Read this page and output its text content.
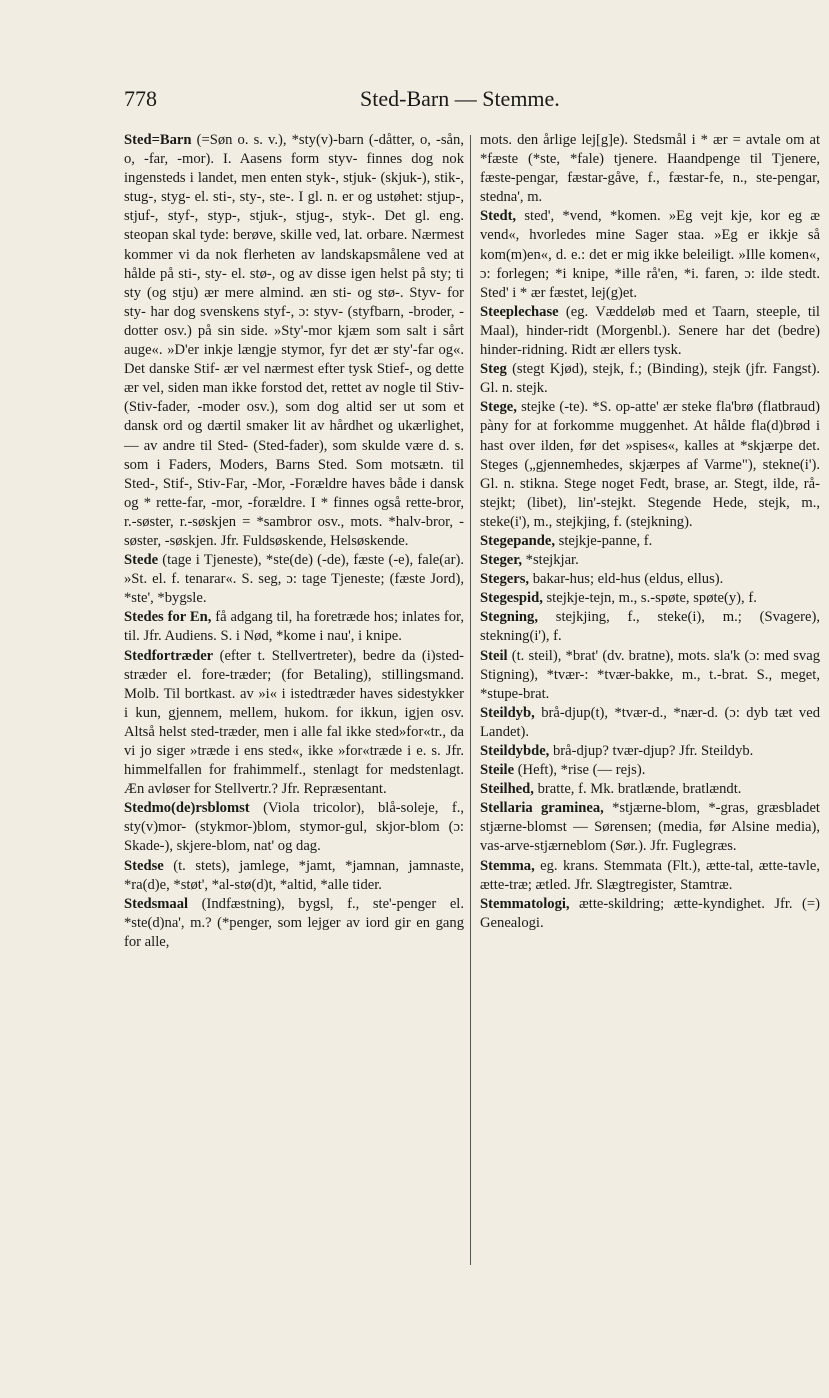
778	Sted-Barn — Stemme.

Sted=Barn (=Søn o. s. v.), *sty(v)-barn (-dåtter, o, -sån, o, -far, -mor). I. Aasens form styv- finnes dog nok ingensteds i landet, men enten styk-, stjuk- (skjuk-), stik-, stug-, styg- el. sti-, sty-, ste-. I gl. n. er og ustøhet: stjup-, stjuf-, styf-, styp-, stjuk-, stjug-, styk-. Det gl. eng. steopan skal tyde: berøve, skille ved, lat. orbare. Nærmest kommer vi da nok flerheten av landskapsmålene ved at hålde på sti-, sty- el. stø-, og av disse igen helst på sty; ti sty (og stju) ær mere almind. æn sti- og stø-. Styv- for sty- har dog svenskens styf-, ɔ: styv- (styfbarn, -broder, -dotter osv.) på sin side. »Sty'-mor kjæm som salt i sårt auge«. »D'er inkje længje stymor, fyr det ær sty'-far og«. Det danske Stif- ær vel nærmest efter tysk Stief-, og dette ær vel, siden man ikke forstod det, rettet av nogle til Stiv- (Stiv-fader, -moder osv.), som dog altid ser ut som et dansk ord og dærtil smaker lit av hårdhet og ukærlighet, — av andre til Sted- (Sted-fader), som skulde være d. s. som i Faders, Moders, Barns Sted. Som motsætn. til Sted-, Stif-, Stiv-Far, -Mor, -Forældre haves både i dansk og * rette-far, -mor, -forældre. I * finnes også rette-bror, r.-søster, r.-søskjen = *sambror osv., mots. *halv-bror, -søster, -søskjen. Jfr. Fuldsøskende, Helsøskende.

Stede (tage i Tjeneste), *ste(de) (-de), fæste (-e), fale(ar). »St. el. f. tenarar«. S. seg, ɔ: tage Tjeneste; (fæste Jord), *ste', *bygsle.

Stedes for En, få adgang til, ha foretræde hos; inlates for, til. Jfr. Audiens. S. i Nød, *kome i nau', i knipe.

Stedfortræder (efter t. Stellvertreter), bedre da (i)sted-stræder el. fore-træder; (for Betaling), stillingsmand. Molb. Til bortkast. av »i« i istedtræder haves sidestykker i kun, gjennem, mellem, hukom. for ikkun, igjen osv. Altså helst sted-træder, men i alle fal ikke sted»for«tr., da vi jo siger »træde i ens sted«, ikke »for«træde i e. s. Jfr. himmelfallen for frahimmelf., stenlagt for medstenlagt. Æn avløser for Stellvertr.? Jfr. Repræsentant.

Stedmo(de)rsblomst (Viola tricolor), blå-soleje, f., sty(v)mor- (stykmor-)blom, stymor-gul, skjor-blom (ɔ: Skade-), skjere-blom, nat' og dag.

Stedse (t. stets), jamlege, *jamt, *jamnan, jamnaste, *ra(d)e, *støt', *al-stø(d)t, *altid, *alle tider.

Stedsmaal (Indfæstning), bygsl, f., ste'-penger el. *ste(d)na', m.? (*penger, som lejger av iord gir en gang for alle,

mots. den årlige lej[g]e). Stedsmål i * ær = avtale om at *fæste (*ste, *fale) tjenere. Haandpenge til Tjenere, fæste-pengar, fæstar-gåve, f., fæstar-fe, n., ste-pengar, stedna', m.

Stedt, sted', *vend, *komen. »Eg vejt kje, kor eg æ vend«, hvorledes mine Sager staa. »Eg er ikkje så kom(m)en«, d. e.: det er mig ikke beleiligt. »Ille komen«, ɔ: forlegen; *i knipe, *ille rå'en, *i. faren, ɔ: ilde stedt. Sted' i * ær fæstet, lej(g)et.

Steeplechase (eg. Væddeløb med et Taarn, steeple, til Maal), hinder-ridt (Morgenbl.). Senere har det (bedre) hinder-ridning. Ridt ær ellers tysk.

Steg (stegt Kjød), stejk, f.; (Binding), stejk (jfr. Fangst). Gl. n. stejk.

Stege, stejke (-te). *S. op-atte' ær steke fla'brø (flatbraud) pàny for at forkomme muggenhet. At hålde fla(d)brød i hast over ilden, før det »spises«, kalles at *skjærpe det. Steges („gjennemhedes, skjærpes af Varme"), stekne(i'). Gl. n. stikna. Stege noget Fedt, brase, ar. Stegt, ilde, rå-stejkt; (libet), lin'-stejkt. Stegende Hede, stejk, m., steke(i'), m., stejkjing, f. (stejkning).

Stegepande, stejkje-panne, f.

Steger, *stejkjar.

Stegers, bakar-hus; eld-hus (eldus, ellus).

Stegespid, stejkje-tejn, m., s.-spøte, spøte(y), f.

Stegning, stejkjing, f., steke(i), m.; (Svagere), stekning(i'), f.

Steil (t. steil), *brat' (dv. bratne), mots. sla'k (ɔ: med svag Stigning), *tvær-: *tvær-bakke, m., t.-brat. S., meget, *stupe-brat.

Steildyb, brå-djup(t), *tvær-d., *nær-d. (ɔ: dyb tæt ved Landet).

Steildybde, brå-djup? tvær-djup? Jfr. Steildyb.

Steile (Heft), *rise (— rejs).

Steilhed, bratte, f. Mk. bratlænde, bratlændt.

Stellaria graminea, *stjærne-blom, *-gras, græsbladet stjærne-blomst — Sørensen; (media, før Alsine media), vas-arve-stjærneblom (Sør.). Jfr. Fuglegræs.

Stemma, eg. krans. Stemmata (Flt.), ætte-tal, ætte-tavle, ætte-træ; ætled. Jfr. Slægtregister, Stamtræ.

Stemmatologi, ætte-skildring; ætte-kyndighet. Jfr. (=) Genealogi.
